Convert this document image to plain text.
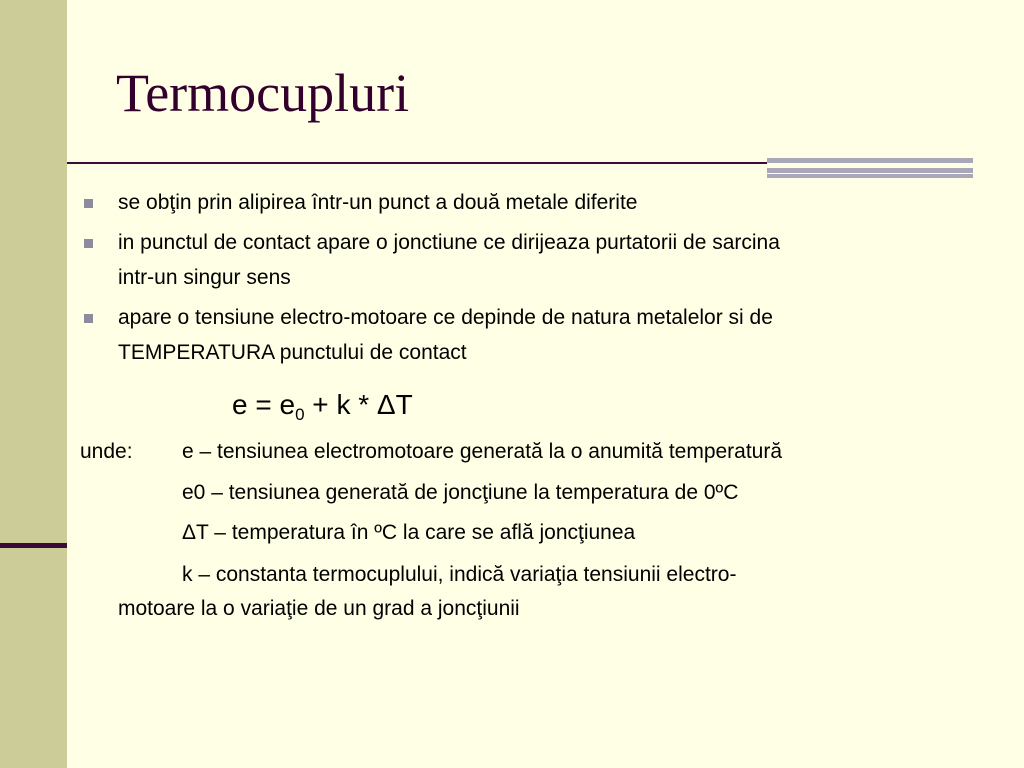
Termocupluri
se obţin prin alipirea într-un punct a două metale diferite
in punctul de contact apare o jonctiune ce dirijeaza purtatorii de sarcina
intr-un singur sens
apare o tensiune electro-motoare ce depinde de natura metalelor si de
TEMPERATURA punctului de contact
$e = e_0 + k * \Delta T$
unde: e – tensiunea electromotoare generată la o anumită temperatură
e0 – tensiunea generată de joncţiune la temperatura de 0ºC
ΔT – temperatura în ºC la care se află joncţiunea
k – constanta termocuplului, indică variaţia tensiunii electro-
motoare la o variaţie de un grad a joncţiunii
